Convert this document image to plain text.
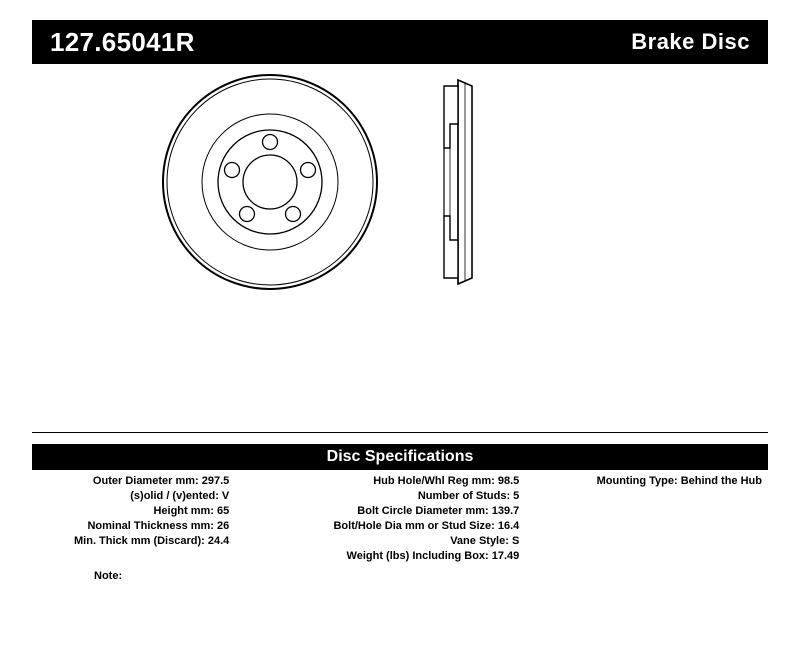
127.65041R	Brake Disc
Disc Specifications
Outer Diameter mm: 297.5
(s)olid / (v)ented: V
Height mm: 65
Nominal Thickness mm: 26
Min. Thick mm (Discard): 24.4
Hub Hole/Whl Reg mm: 98.5
Number of Studs: 5
Bolt Circle Diameter mm: 139.7
Bolt/Hole Dia mm or Stud Size: 16.4
Vane Style: S
Weight (lbs) Including Box: 17.49
Mounting Type: Behind the Hub
Note:
